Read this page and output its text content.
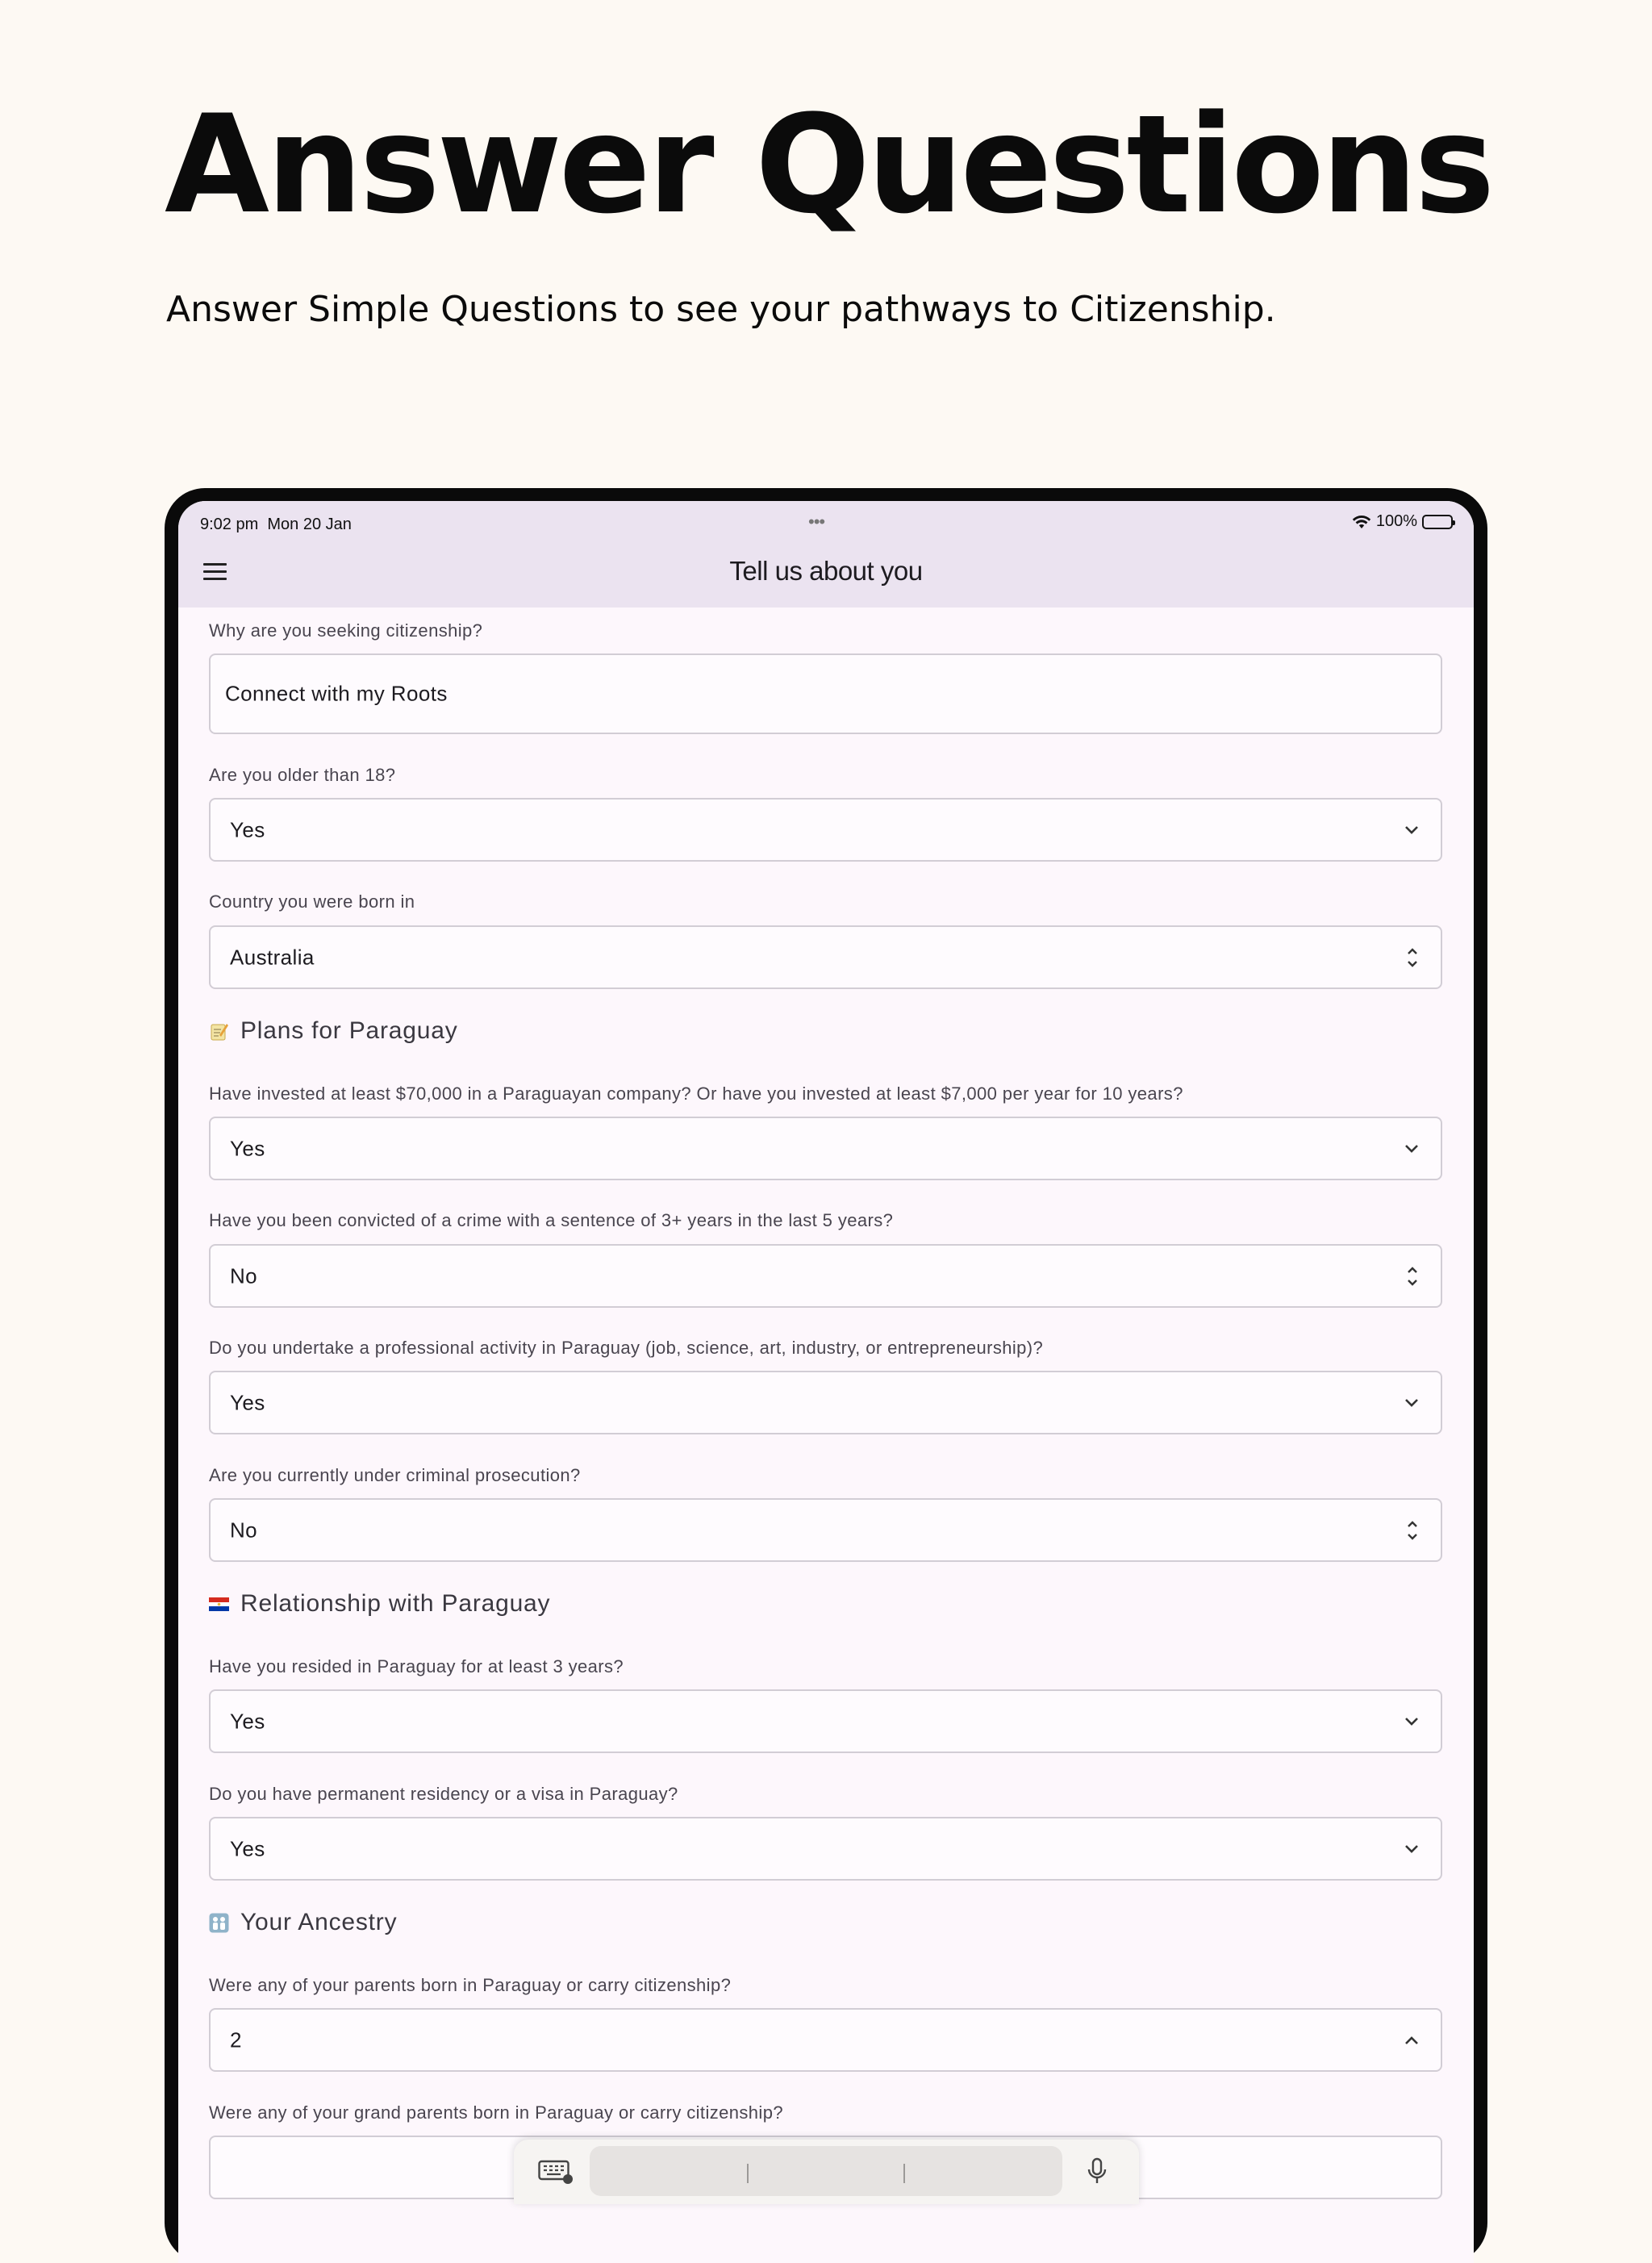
Answer Questions

Answer Simple Questions to see your pathways to Citizenship.

9:02 pm Mon 20 Jan	•••	100%
Tell us about you
Why are you seeking citizenship?
Connect with my Roots
Are you older than 18?
Yes
Country you were born in
Australia
Plans for Paraguay
Have invested at least $70,000 in a Paraguayan company? Or have you invested at least $7,000 per year for 10 years?
Yes
Have you been convicted of a crime with a sentence of 3+ years in the last 5 years?
No
Do you undertake a professional activity in Paraguay (job, science, art, industry, or entrepreneurship)?
Yes
Are you currently under criminal prosecution?
No
Relationship with Paraguay
Have you resided in Paraguay for at least 3 years?
Yes
Do you have permanent residency or a visa in Paraguay?
Yes
Your Ancestry
Were any of your parents born in Paraguay or carry citizenship?
2
Were any of your grand parents born in Paraguay or carry citizenship?
